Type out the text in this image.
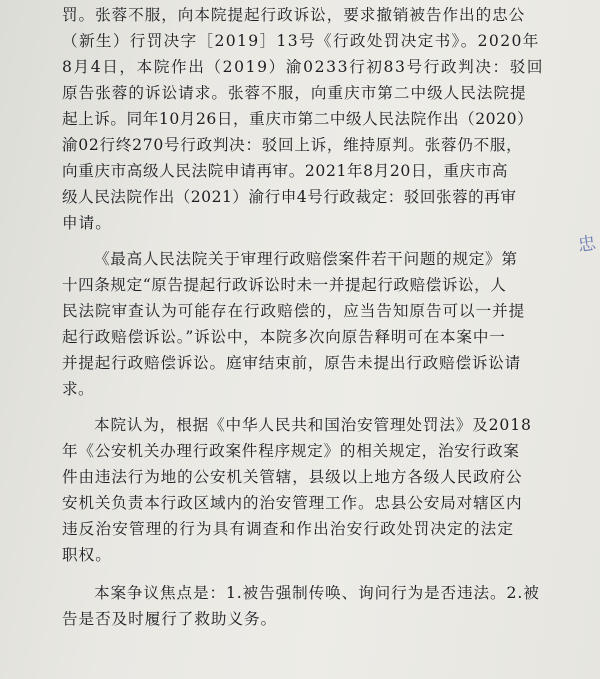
忠
罚。张蓉不服，向本院提起行政诉讼，要求撤销被告作出的忠公
（新生）行罚决字［2019］13号《行政处罚决定书》。2020年
8月4日，本院作出（2019）渝0233行初83号行政判决：驳回
原告张蓉的诉讼请求。张蓉不服，向重庆市第二中级人民法院提
起上诉。同年10月26日，重庆市第二中级人民法院作出（2020）
渝02行终270号行政判决：驳回上诉，维持原判。张蓉仍不服，
向重庆市高级人民法院申请再审。2021年8月20日，重庆市高
级人民法院作出（2021）渝行申4号行政裁定：驳回张蓉的再审
申请。
《最高人民法院关于审理行政赔偿案件若干问题的规定》第
十四条规定“原告提起行政诉讼时未一并提起行政赔偿诉讼，人
民法院审查认为可能存在行政赔偿的，应当告知原告可以一并提
起行政赔偿诉讼。”诉讼中，本院多次向原告释明可在本案中一
并提起行政赔偿诉讼。庭审结束前，原告未提出行政赔偿诉讼请
求。
本院认为，根据《中华人民共和国治安管理处罚法》及2018
年《公安机关办理行政案件程序规定》的相关规定，治安行政案
件由违法行为地的公安机关管辖，县级以上地方各级人民政府公
安机关负责本行政区域内的治安管理工作。忠县公安局对辖区内
违反治安管理的行为具有调查和作出治安行政处罚决定的法定
职权。
本案争议焦点是：1.被告强制传唤、询问行为是否违法。2.被
告是否及时履行了救助义务。
